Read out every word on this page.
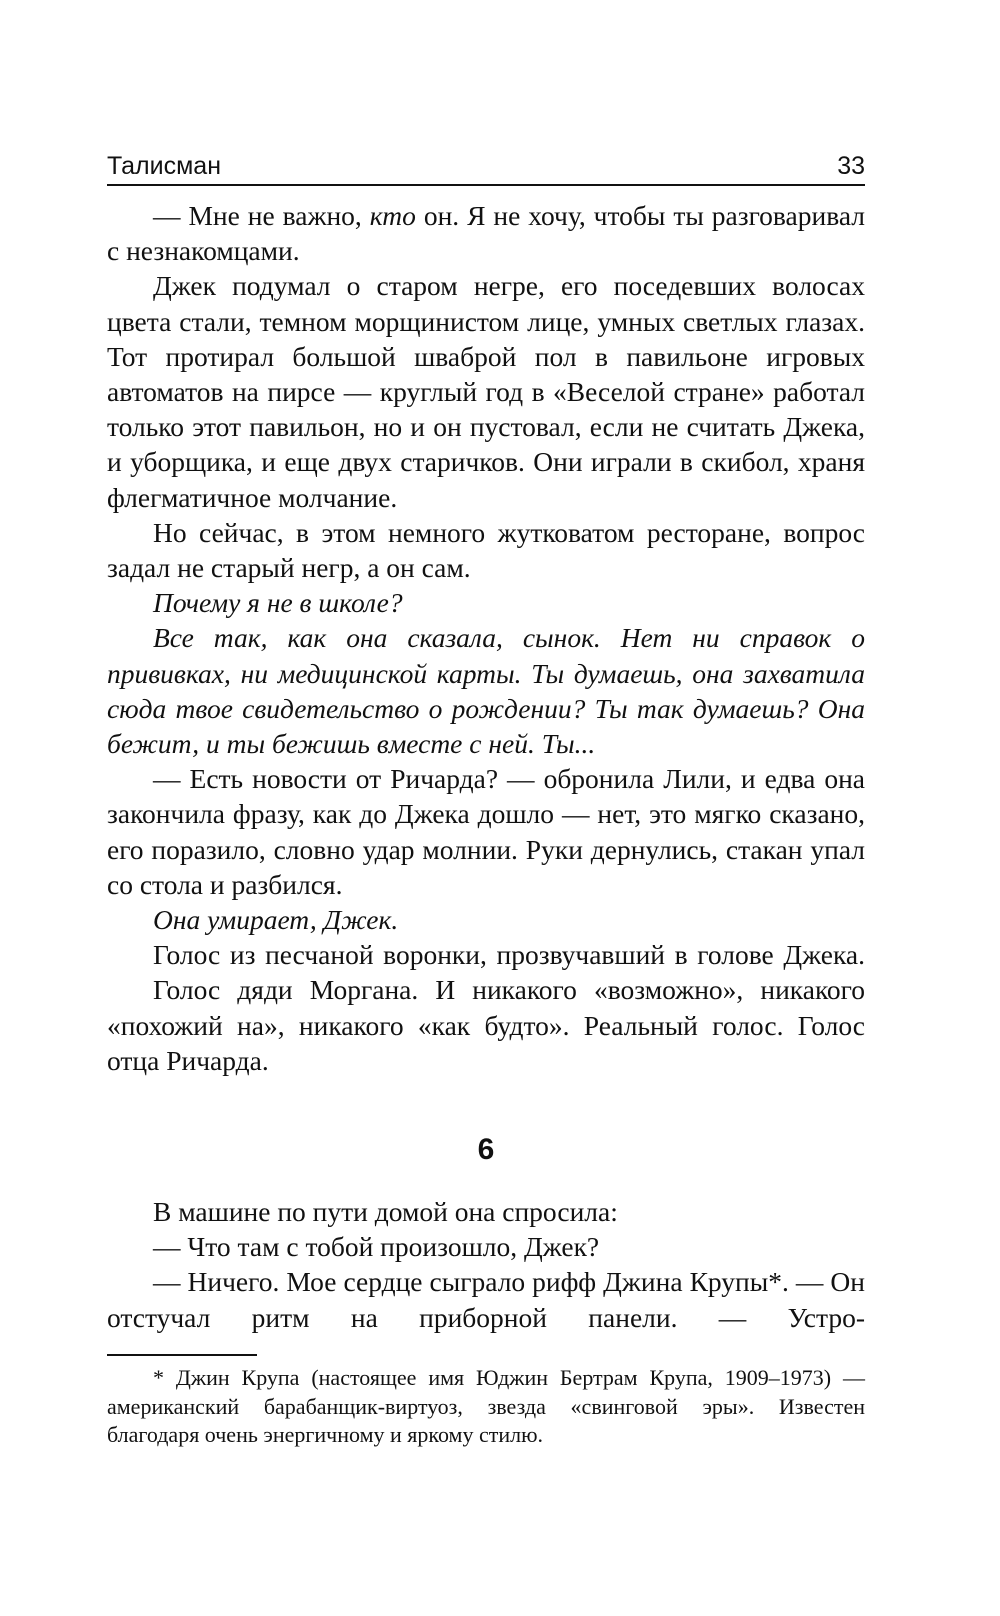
Талисман	33

— Мне не важно, кто он. Я не хочу, чтобы ты разговаривал с незнакомцами.

Джек подумал о старом негре, его поседевших волосах цвета стали, темном морщинистом лице, умных светлых глазах. Тот протирал большой шваброй пол в павильоне игровых автоматов на пирсе — круглый год в «Веселой стране» работал только этот павильон, но и он пустовал, если не считать Джека, и уборщика, и еще двух старичков. Они играли в скибол, храня флегматичное молчание.

Но сейчас, в этом немного жутковатом ресторане, вопрос задал не старый негр, а он сам.

Почему я не в школе?

Все так, как она сказала, сынок. Нет ни справок о прививках, ни медицинской карты. Ты думаешь, она захватила сюда твое свидетельство о рождении? Ты так думаешь? Она бежит, и ты бежишь вместе с ней. Ты...

— Есть новости от Ричарда? — обронила Лили, и едва она закончила фразу, как до Джека дошло — нет, это мягко сказано, его поразило, словно удар молнии. Руки дернулись, стакан упал со стола и разбился.

Она умирает, Джек.

Голос из песчаной воронки, прозвучавший в голове Джека.

Голос дяди Моргана. И никакого «возможно», никакого «похожий на», никакого «как будто». Реальный голос. Голос отца Ричарда.

6

В машине по пути домой она спросила:

— Что там с тобой произошло, Джек?

— Ничего. Мое сердце сыграло рифф Джина Крупы*. — Он отстучал ритм на приборной панели. — Устро-

* Джин Крупа (настоящее имя Юджин Бертрам Крупа, 1909–1973) — американский барабанщик-виртуоз, звезда «свинговой эры». Известен благодаря очень энергичному и яркому стилю.
